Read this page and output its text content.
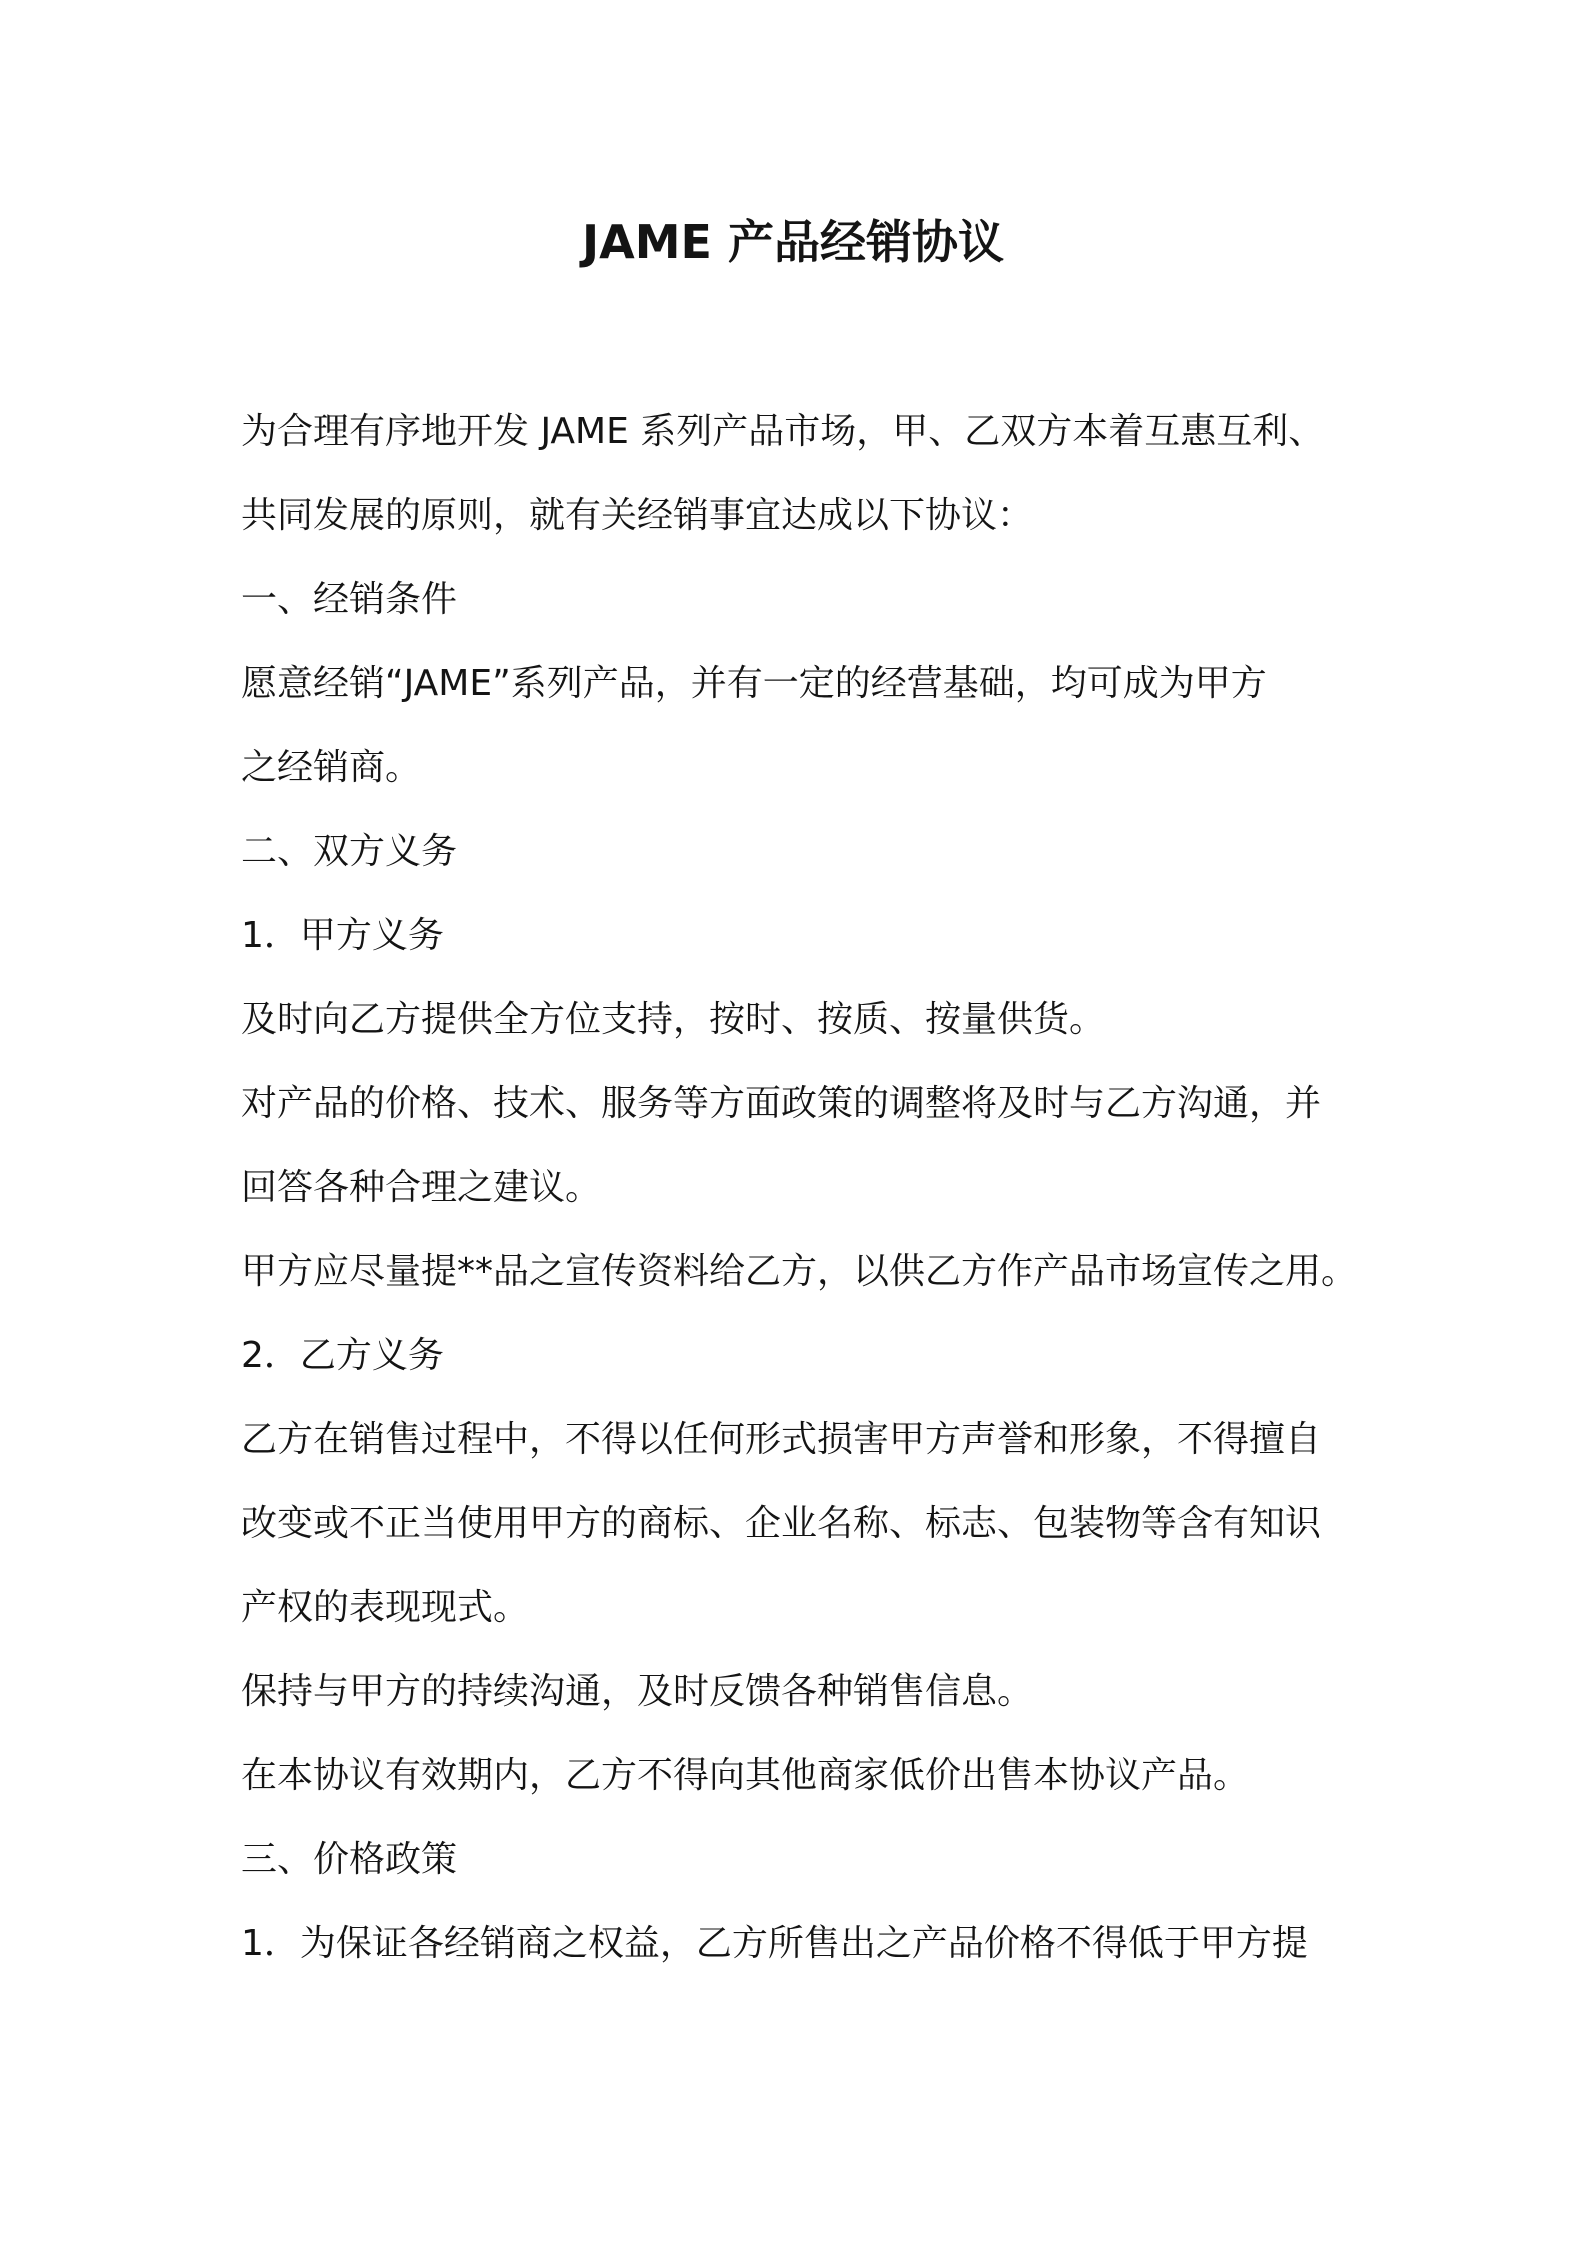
JAME 产品经销协议
为合理有序地开发 JAME 系列产品市场，甲、乙双方本着互惠互利、
共同发展的原则，就有关经销事宜达成以下协议：
一、经销条件
愿意经销“JAME”系列产品，并有一定的经营基础，均可成为甲方
之经销商。
二、双方义务
1．甲方义务
及时向乙方提供全方位支持，按时、按质、按量供货。
对产品的价格、技术、服务等方面政策的调整将及时与乙方沟通，并
回答各种合理之建议。
甲方应尽量提**品之宣传资料给乙方，以供乙方作产品市场宣传之用。
2．乙方义务
乙方在销售过程中，不得以任何形式损害甲方声誉和形象，不得擅自
改变或不正当使用甲方的商标、企业名称、标志、包装物等含有知识
产权的表现现式。
保持与甲方的持续沟通，及时反馈各种销售信息。
在本协议有效期内，乙方不得向其他商家低价出售本协议产品。
三、价格政策
1．为保证各经销商之权益，乙方所售出之产品价格不得低于甲方提
